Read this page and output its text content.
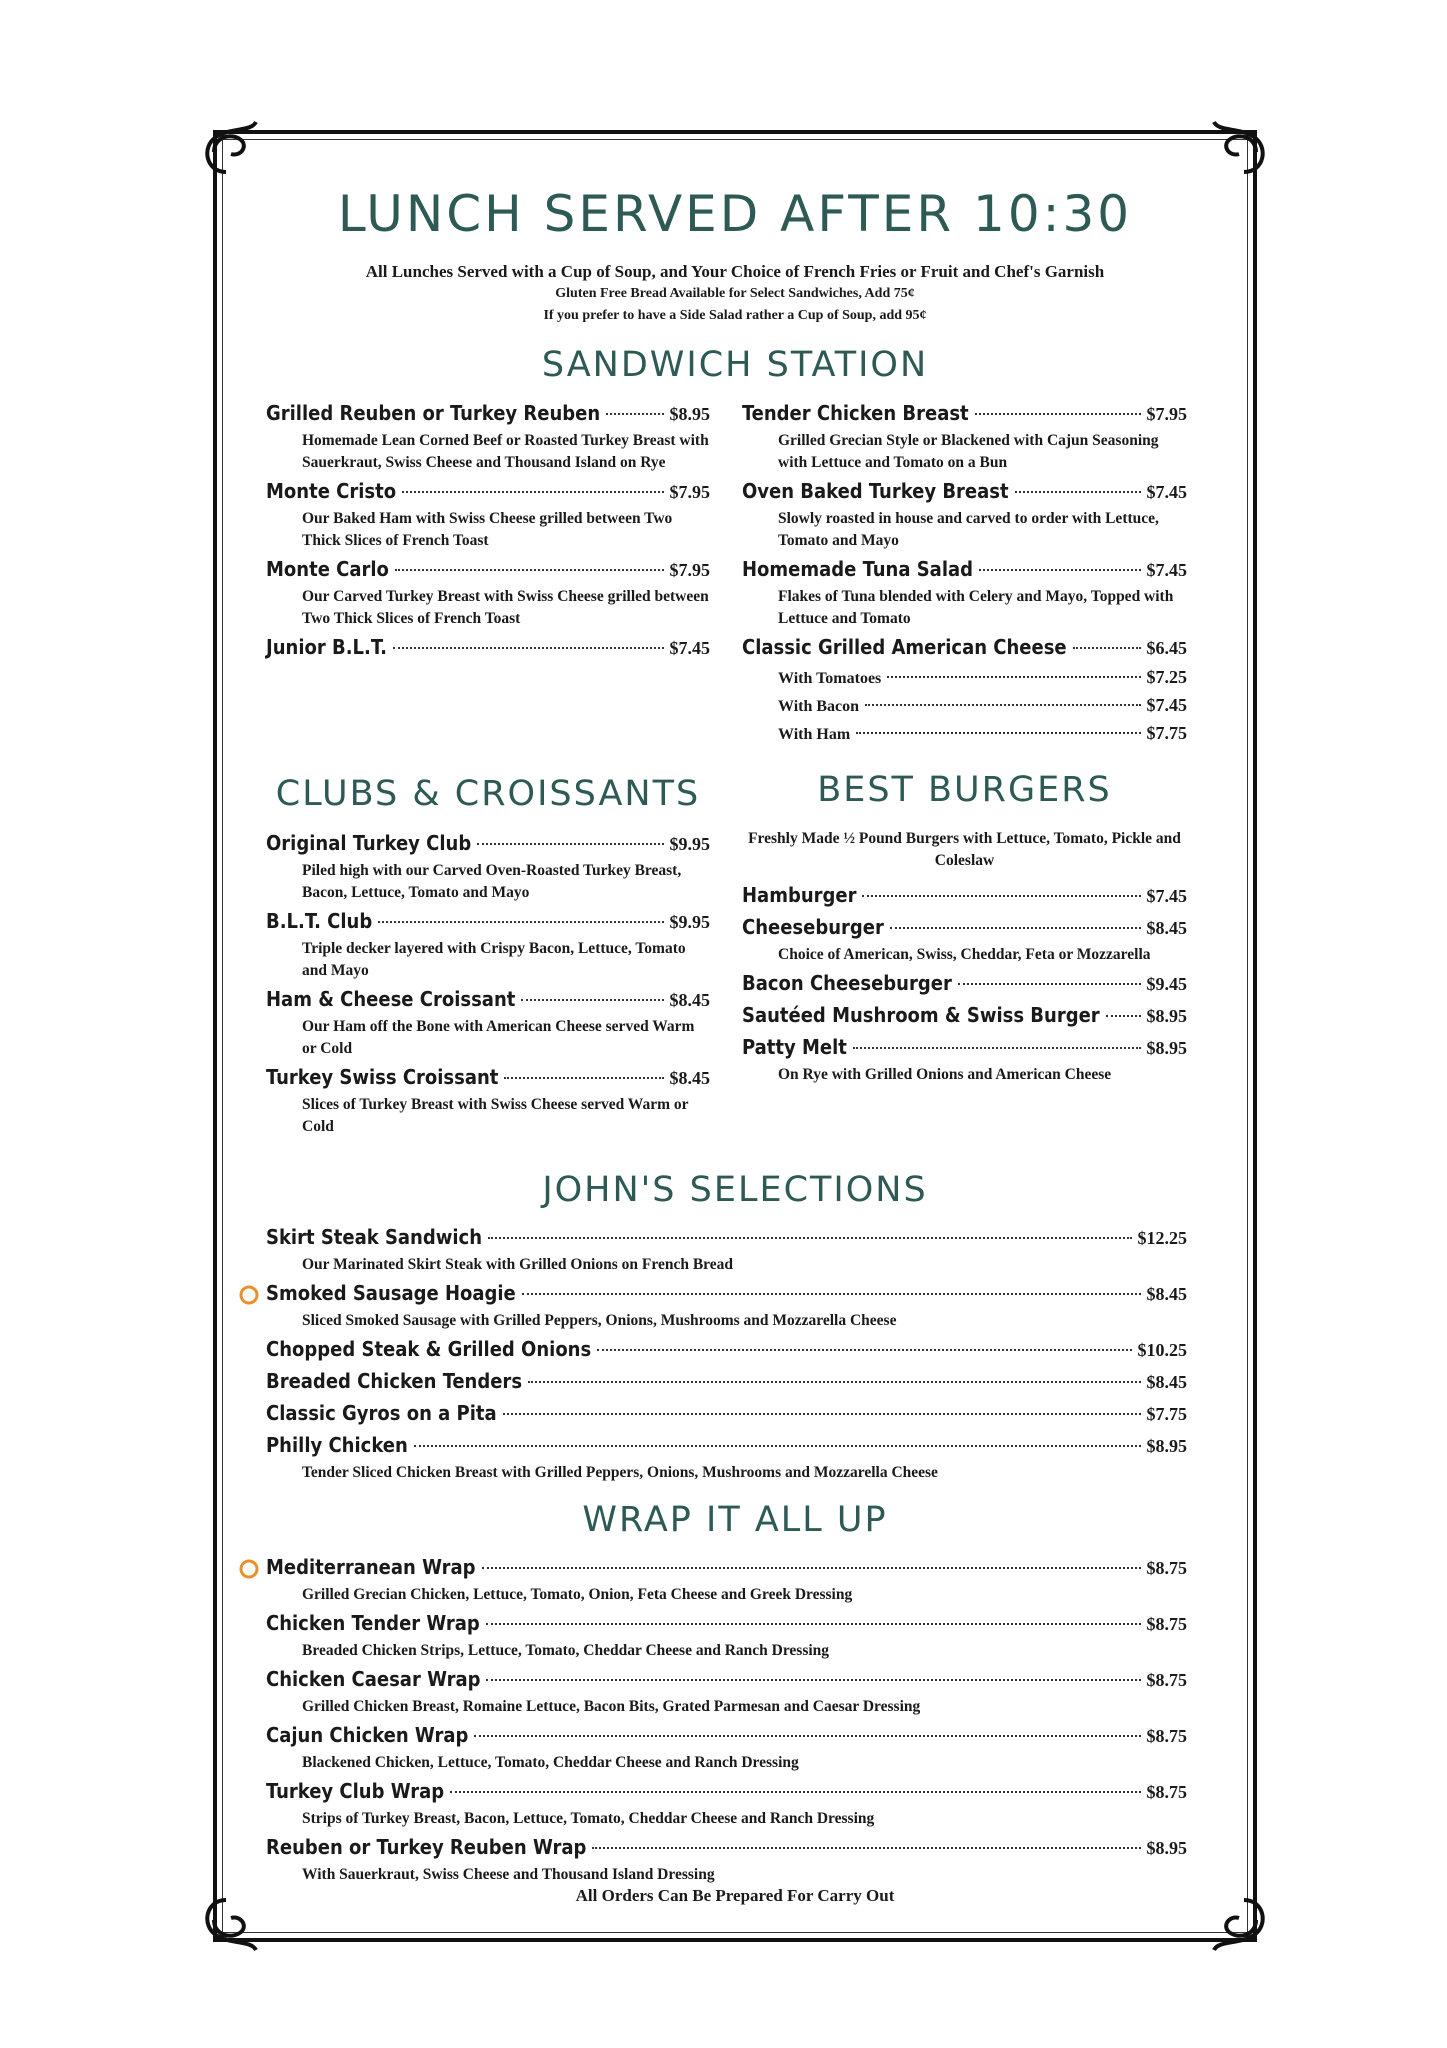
LUNCH SERVED AFTER 10:30
All Lunches Served with a Cup of Soup, and Your Choice of French Fries or Fruit and Chef's Garnish
Gluten Free Bread Available for Select Sandwiches, Add 75¢
If you prefer to have a Side Salad rather a Cup of Soup, add 95¢
SANDWICH STATION
Grilled Reuben or Turkey Reuben	$8.95
Homemade Lean Corned Beef or Roasted Turkey Breast with Sauerkraut, Swiss Cheese and Thousand Island on Rye
Monte Cristo	$7.95
Our Baked Ham with Swiss Cheese grilled between Two Thick Slices of French Toast
Monte Carlo	$7.95
Our Carved Turkey Breast with Swiss Cheese grilled between Two Thick Slices of French Toast
Junior B.L.T.	$7.45
Tender Chicken Breast	$7.95
Grilled Grecian Style or Blackened with Cajun Seasoning with Lettuce and Tomato on a Bun
Oven Baked Turkey Breast	$7.45
Slowly roasted in house and carved to order with Lettuce, Tomato and Mayo
Homemade Tuna Salad	$7.45
Flakes of Tuna blended with Celery and Mayo, Topped with Lettuce and Tomato
Classic Grilled American Cheese	$6.45
With Tomatoes	$7.25
With Bacon	$7.45
With Ham	$7.75
CLUBS & CROISSANTS
Original Turkey Club	$9.95
Piled high with our Carved Oven-Roasted Turkey Breast, Bacon, Lettuce, Tomato and Mayo
B.L.T. Club	$9.95
Triple decker layered with Crispy Bacon, Lettuce, Tomato and Mayo
Ham & Cheese Croissant	$8.45
Our Ham off the Bone with American Cheese served Warm or Cold
Turkey Swiss Croissant	$8.45
Slices of Turkey Breast with Swiss Cheese served Warm or Cold
BEST BURGERS
Freshly Made ½ Pound Burgers with Lettuce, Tomato, Pickle and Coleslaw
Hamburger	$7.45
Cheeseburger	$8.45
Choice of American, Swiss, Cheddar, Feta or Mozzarella
Bacon Cheeseburger	$9.45
Sautéed Mushroom & Swiss Burger	$8.95
Patty Melt	$8.95
On Rye with Grilled Onions and American Cheese
JOHN'S SELECTIONS
Skirt Steak Sandwich	$12.25
Our Marinated Skirt Steak with Grilled Onions on French Bread
Smoked Sausage Hoagie	$8.45
Sliced Smoked Sausage with Grilled Peppers, Onions, Mushrooms and Mozzarella Cheese
Chopped Steak & Grilled Onions	$10.25
Breaded Chicken Tenders	$8.45
Classic Gyros on a Pita	$7.75
Philly Chicken	$8.95
Tender Sliced Chicken Breast with Grilled Peppers, Onions, Mushrooms and Mozzarella Cheese
WRAP IT ALL UP
Mediterranean Wrap	$8.75
Grilled Grecian Chicken, Lettuce, Tomato, Onion, Feta Cheese and Greek Dressing
Chicken Tender Wrap	$8.75
Breaded Chicken Strips, Lettuce, Tomato, Cheddar Cheese and Ranch Dressing
Chicken Caesar Wrap	$8.75
Grilled Chicken Breast, Romaine Lettuce, Bacon Bits, Grated Parmesan and Caesar Dressing
Cajun Chicken Wrap	$8.75
Blackened Chicken, Lettuce, Tomato, Cheddar Cheese and Ranch Dressing
Turkey Club Wrap	$8.75
Strips of Turkey Breast, Bacon, Lettuce, Tomato, Cheddar Cheese and Ranch Dressing
Reuben or Turkey Reuben Wrap	$8.95
With Sauerkraut, Swiss Cheese and Thousand Island Dressing
All Orders Can Be Prepared For Carry Out
